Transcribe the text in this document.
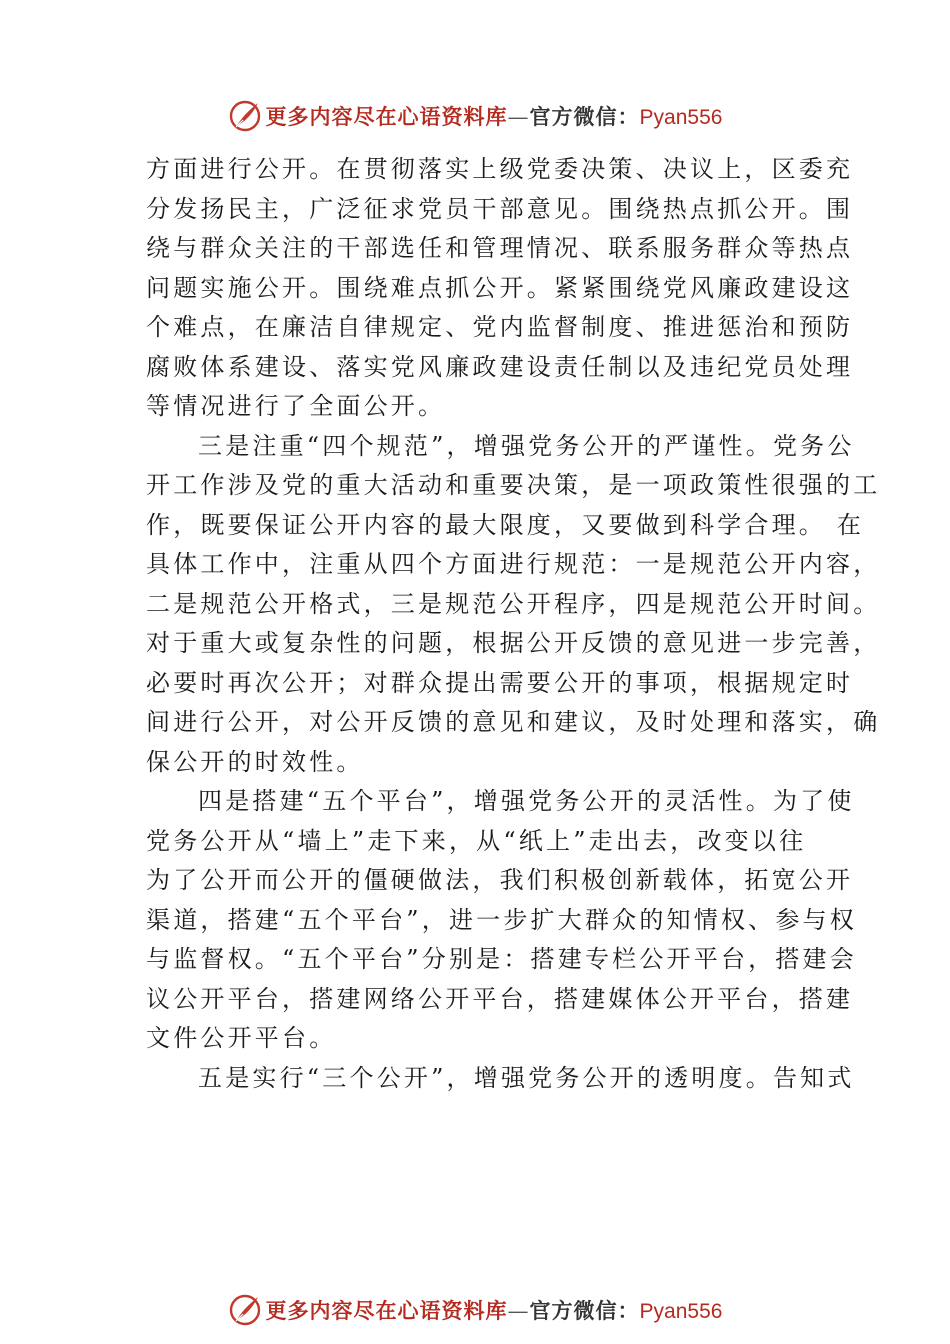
更多内容尽在心语资料库—官方微信：Pyan556
方面进行公开。在贯彻落实上级党委决策、决议上，区委充
分发扬民主，广泛征求党员干部意见。围绕热点抓公开。围
绕与群众关注的干部选任和管理情况、联系服务群众等热点
问题实施公开。围绕难点抓公开。紧紧围绕党风廉政建设这
个难点，在廉洁自律规定、党内监督制度、推进惩治和预防
腐败体系建设、落实党风廉政建设责任制以及违纪党员处理
等情况进行了全面公开。
三是注重“四个规范”，增强党务公开的严谨性。党务公
开工作涉及党的重大活动和重要决策，是一项政策性很强的工
作，既要保证公开内容的最大限度，又要做到科学合理。 在
具体工作中，注重从四个方面进行规范：一是规范公开内容，
二是规范公开格式，三是规范公开程序，四是规范公开时间。
对于重大或复杂性的问题，根据公开反馈的意见进一步完善，
必要时再次公开；对群众提出需要公开的事项，根据规定时
间进行公开，对公开反馈的意见和建议，及时处理和落实，确
保公开的时效性。
四是搭建“五个平台”，增强党务公开的灵活性。为了使
党务公开从“墙上”走下来，从“纸上”走出去，改变以往
为了公开而公开的僵硬做法，我们积极创新载体，拓宽公开
渠道，搭建“五个平台”，进一步扩大群众的知情权、参与权
与监督权。“五个平台”分别是：搭建专栏公开平台，搭建会
议公开平台，搭建网络公开平台，搭建媒体公开平台，搭建
文件公开平台。
五是实行“三个公开”，增强党务公开的透明度。告知式
更多内容尽在心语资料库—官方微信：Pyan556
